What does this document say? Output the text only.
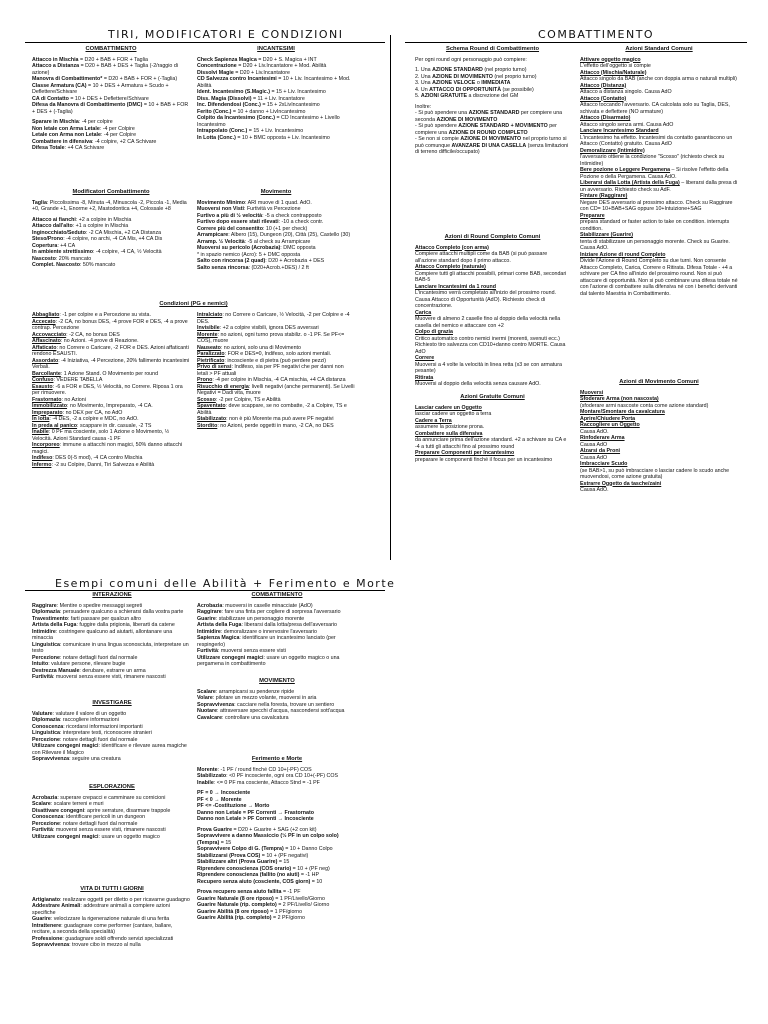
TIRI, MODIFICATORI E CONDIZIONI	COMBATTIMENTO
COMBATTIMENTO

Attacco in Mischia = D20 + BAB + FOR + Taglia

Attacco a Distanza = D20 + BAB + DES + Taglia (-2/raggio di azione)

Manovra di Combattimento* = D20 + BAB + FOR + (-Taglia)

Classe Armatura (CA) = 10 + DES + Armatura + Scudo + Deflettere/Schivare

CA di Contatto = 10 + DES + Deflettere/Schivare

Difesa da Manovra di Combattimento (DMC) = 10 + BAB + FOR + DES + (-Taglia)

Sparare in Mischia: -4 per colpire

Non letale con Arma Letale: -4 per Colpire

Letale con Arma non Letale: -4 per Colpire

Combattere in difensiva: -4 colpire, +2 CA Schivare

Difesa Totale: +4 CA Schivare

INCANTESIMI

Check Sapienza Magica = D20 + S. Magica + INT

Concentrazione = D20 + Liv.Incantatore + Mod. Abilità

Dissolvi Magie = D20 + Liv.Incantatore

CD Salvezza contro Incantesimi = 10 + Liv. Incantesimo + Mod. Abilità

Ident. Incantesimo (S.Magic.) = 15 + Liv. Incantesimo

Diss. Magia (Dissolvi) = 11 + Liv. Incantatore

Inc. Difendendosi (Conc.) = 15 + 2xLivIncantesimo

Ferito (Conc.) = 10 + danno + LivIncantesimo

Colpito da Incantesimo (Conc.) = CD Incantesimo + Livello Incantesimo

Intrappolato (Conc.) = 15 + Liv. Incantesimo

In Lotta (Conc.) = 10 + BMC opposta + Liv. Incantesimo

Modificatori Combattimento

Taglia: Piccolissima -8, Minuta -4, Minuscola -2, Piccola -1, Media +0, Grande +1, Enorme +2, Mastodontica +4, Colossale +8

Attacco ai fianchi: +2 a colpire in Mischia

Attacco dall'alto: +1 a colpire in Mischia

Inginocchiato/Seduto: -2 CA Mischia, +2 CA Distanza

Steso/Prono: -4 colpire, no archi, -4 CA Mis, +4 CA Dis

Copertura: +4 CA

In ambiente strettissimo: -4 colpire, -4 CA, ½ Velocità

Nascosto: 20% mancato

Complet. Nascosto: 50% mancato

Movimento

Movimento Minimo: ARI muove di 1 quad. AdO.

Muoversi non Visti: Furtività vs Percezione

Furtivo a più di ½ velocità: -5 a check contrapposto

Furtivo dopo essere stati rilevati: -10 a check contr.

Correre più del consentito: 10 (+1 per check)

Arrampicare: Albero (15), Dungeon (20), Città (25), Castello (30)

Arramp. ½ Velocità: -5 al check su Arrampicare

Muoversi su pericolo (Acrobazia): DMC opposta

* in spazio nemico (Acro): 5 + DMC opposta

Salto con rincorsa (2 quad): D20 + Acrobazia + DES

Salto senza rincorsa: (D20+Acrob.+DES) / 2 ft

Condizioni (PG e nemici)

Abbagliato: -1 per colpire e a Percezione su vista.

Accecato: -2 CA, no bonus DES, -4 prove FOR e DES, -4 a prove contrap. Percezione

Accovacciato: -2 CA, no bonus DES

Affascinato: no Azioni. -4 prove di Reazione.

Affaticato: no Correre o Caricare, -2 FOR e DES. Azioni affaticanti rendono ESAUSTI.

Assordato: -4 Iniziativa, -4 Percezione, 20% fallimento incantesimi Verbali.

Barcollante: 1 Azione Stand. O Movimento per round

Confuso: VEDERE TABELLA

Esausto: -6 a FOR e DES, ½ Velocità, no Correre. Riposa 1 ora per rimuovere.

Frastornato: no Azioni

Immobilizzato: no Movimento, Impreparato, -4 CA.

Impreparato: no DEX per CA, no AdO

In lotta: -4 DES, -2 a colpire e MDC, no AdO.

In preda al panico: scappare in dir. casuale, -2 TS

Inabile: 0 PF ma cosciente, solo 1 Azione o Movimento, ½ Velocità. Azioni Standard causa -1 PF

Incorporeo: immune a attacchi non magici, 50% danno attacchi magici.

Indifeso: DES 0(-5 mod), -4 CA contro Mischia

Infermo: -2 su Colpire, Danni, Tiri Salvezza e Abilità

Intralciato: no Correre o Caricare, ½ Velocità, -2 per Colpire e -4 DES.

Invisibile: +2 a colpire visibili, ignora DES avversari

Morente: no azioni, ogni turno prova stabiliz. o -1 PF. Se PF<= COS), muore

Nauseato: no azioni, solo una di Movimento

Paralizzato: FOR e DES=0, Indifeso, solo azioni mentali.

Pietrificato: incosciente e di pietra (può perdere pezzi)

Privo di sensi: Indifeso, sia per PF negativi che per danni non letali > PF attuali

Prono: -4 per colpire in Mischia, -4 CA mischia, +4 CA distanza

Risucchio di energia: livelli negativi (anche permanenti). Se Livelli Negativi = Dadi vita, muore

Scosso: -2 per Colpire, TS e Abilità

Spaventato: deve scappare, se no combatte, -2 a Colpire, TS e Abilità

Stabilizzato: non è più Morente ma può avere PF negativi

Stordito: no Azioni, perde oggetti in mano, -2 CA, no DES

Schema Round di Combattimento

Per ogni round ogni personaggio può compiere:

1. Una AZIONE STANDARD (nel proprio turno)

2. Una AZIONE DI MOVIMENTO (nel proprio turno)

3. Una AZIONE VELOCE o IMMEDIATA

4. Un ATTACCO DI OPPORTUNITÀ (se possibile)

5. AZIONI GRATUITE a discrezione del GM

Inoltre:

- Si può spendere una AZIONE STANDARD per compiere una seconda AZIONE DI MOVIMENTO

- Si può spendere AZIONE STANDARD + MOVIMENTO per compiere una AZIONE DI ROUND COMPLETO

- Se non si compie AZIONE DI MOVIMENTO nel proprio turno si può comunque AVANZARE DI UNA CASELLA (senza limitazioni di terreno difficile/occupato)

Azioni di Round Completo Comuni

Attacco Completo (con arma)

Compiere attacchi multipli come da BAB (si può passare all'azione standard dopo il primo attacco.

Attacco Completo (naturale)

Compiere tutti gli attacchi possibili, primari come BAB, secondari BAB-5

Lanciare Incantesimi da 1 round

L'incantesimo verrà completato all'inizio del prossimo round. Causa Attacco di Opportunità (AdO). Richiesto check di concentrazione.

Carica

Muovere di almeno 2 caselle fino al doppio della velocità nella casella del nemico e attaccare con +2

Colpo di grazia

Critico automatico contro nemici inermi (morenti, svenuti ecc.) Richiesto tiro salvezza con CD10+danno contro MORTE. Causa AdO

Correre

Muoversi a 4 volte la velocità in linea retta (x3 se con armatura pesante)

Ritirata

Muoversi al doppio della velocità senza causare AdO.

Azioni Gratuite Comuni

Lasciar cadere un Oggetto

lasciar cadere un oggetto a terra

Cadere a Terra

assumere la posizione prona.

Combattere sulla difensiva

da annunciare prima dell'azione standard. +2 a schivare su CA e -4 a tutti gli attacchi fino al prossimo round

Preparare Componenti per Incantesimo

preparare le componenti finché il focus per un incantesimo

Azioni Standard Comuni

Attivare oggetto magico

L'effetto dell'oggetto si compie

Attacco (Mischia/Naturale)

Attacco singolo da BAB (anche con doppia arma o naturali multipli)

Attacco (Distanza)

Attacco a distanza singolo. Causa AdO

Attacco (Contatto)

Attacco toccando l'avversario. CA calcolata solo su Taglia, DES, schivata e deflettere (NO armature)

Attacco (Disarmato)

Attacco singolo senza armi. Causa AdO

Lanciare Incantesimo Standard

L'incantesimo ha effetto. Incantesimi da contatto garantiscono un Attacco (Contatto) gratuito. Causa AdO

Demoralizzare (Intimidire)

l'avversario ottiene la condizione "Scosso" (richiesto check su Intimidire)

Bere pozione o Leggere Pergamena – Si risolve l'effetto della Pozione o della Pergamena. Causa AdO.

Liberarsi dalla Lotta (Artista della Fuga) – liberarsi dalla presa di un avversario. Richiesto check su AdF.

Fintare (Raggirare)

Negare DES avversario al prossimo attacco. Check su Raggirare con CD= 10+BAB+SAG oppure 10+Intuizione+SAG

Preparare

prepara standard or faster action to take on condition. interrupts condition.

Stabilizzare (Guarire)

tenta di stabilizzare un personaggio morente. Check su Guarire. Causa AdO.

Iniziare Azione di round Completo

Divide l'Azione di Round Completo su due turni. Non consente Attacco Completo, Carica, Correre o Ritirata. Difesa Totale - +4 a schivare per CA fino all'inizio del prossimo round. Non si può attaccare di opportunità. Non si può combinare una difesa totale né con l'azione di combattere sulla difensiva né con i benefici derivanti dal talento Maestria in Combattimento.

Azioni di Movimento Comuni

Muoversi

Sfoderare Arma (non nascosta)

(sfoderare armi nascoste conta come azione standard)

Montare/Smontare da cavalcatura

Aprire/Chiudere Porta

Raccogliere un Oggetto

Causa AdO.

Rinfoderare Arma

Causa AdO

Alzarsi da Proni

Causa AdO

Imbracciare Scudo

(se BAB>1, su può imbracciare o lasciar cadere lo scudo anche muovendosi, come azione gratuita)

Estrarre Oggetto da tasche/zaini

Causa AdO.

Esempi comuni delle Abilità + Ferimento e Morte
INTERAZIONE

Raggirare: Mentire o spedire messaggi segreti

Diplomazia: persuadere qualcuno a schierarsi dalla vostra parte

Travestimento: farti passare per qualcun altro

Artista della Fuga: fuggire dalla prigionia, liberarti da catene

Intimidire: costringere qualcuno ad aiutarti, allontanare una minaccia

Linguistica: comunicare in una lingua sconosciuta, interpretare un testo

Percezione: notare dettagli fuori dal normale

Intuito: valutare persone, rilevare bugie

Destrezza Manuale: derubare, estrarre un arma

Furtività: muoversi senza essere visti, rimanere nascosti

INVESTIGARE

Valutare: valutare il valore di un oggetto

Diplomazia: raccogliere informazioni

Conoscenza: ricordarsi informazioni importanti

Linguistica: interpretare testi, riconoscere stranieri

Percezione: notare dettagli fuori dal normale

Utilizzare congegni magici: identificare e rilevare aurea magiche con Rilevare il Magico

Sopravvivenza: seguire una creatura

ESPLORAZIONE

Acrobazia: superare crepacci e camminare su cornicioni

Scalare: scalare terreni e muri

Disattivare congegni: aprire serrature, disarmare trappole

Conoscenza: identificare pericoli in un dungeon

Percezione: notare dettagli fuori dal normale

Furtività: muoversi senza essere visti, rimanere nascosti

Utilizzare congegni magici: usare un oggetto magico

VITA DI TUTTI I GIORNI

Artigianato: realizzare oggetti per diletto o per ricavarne guadagno

Addestrare Animali: addestrare animali a compiere azioni specifiche

Guarire: velocizzare la rigenerazione naturale di una ferita

Intrattenere: guadagnare come performer (cantare, ballare, recitare, a seconda della specialità)

Professione: guadagnare soldi offrendo servizi specializzati

Sopravvivenza: trovare cibo in mezzo al nulla

COMBATTIMENTO

Acrobazia: muoversi in caselle minacciate (AdO)

Raggirare: fare una finta per cogliere di sorpresa l'avversario

Guarire: stabilizzare un personaggio morente

Artista della Fuga: liberarsi dalla lotta/presa dell'avversario

Intimidire: demoralizzare o innervosire l'avversario

Sapienza Magica: identificare un incantesimo lanciato (per respingerlo)

Furtività: muoversi senza essere visti

Utilizzare congegni magici: usare un oggetto magico o una pergamena in combattimento

MOVIMENTO

Scalare: arrampicarsi su pendenze ripide

Volare: pilotare un mezzo volante, muoversi in aria

Sopravvivenza: cacciare nella foresta, trovare un sentiero

Nuotare: attraversare specchi d'acqua, nascondersi sott'acqua

Cavalcare: controllare una cavalcatura

Ferimento e Morte

Morente: -1 PF / round finché CD 10+(-PF) COS

Stabilizzato: <0 PF incosciente, ogni ora CD 10+(-PF) COS

Inabile: <= 0 PF ma cosciente, Attacco Stnd = -1 PF

PF = 0 → Incosciente

PF < 0 → Morente

PF <= -Costituzione → Morto

Danno non Letale = PF Correnti → Frastornato

Danno non Letale > PF Correnti → Incosciente

Prova Guarire = D20 + Guarire + SAG (+2 con kit)

Sopravvivere a danno Massiccio (½ PF in un colpo solo) (Tempra) = 15

Sopravvivere Colpo di G. (Tempra) = 10 + Danno Colpo

Stabilizzarsi (Prova COS) = 10 + (PF negativi)

Stabilizzare altri (Prova Guarire) = 15

Riprendere conoscienza (COS orario) = 10 + (PF neg)

Riprendere conoscienza (fallito (no aiuti) = -1 HP

Recupero senza aiuto (cosciente, COS giorn) = 10

Prova recupero senza aiuto fallita = -1 PF

Guarire Naturale (8 ore riposo) = 1 PF/Livello/Giorno

Guarire Naturale (rip. completo) = 2 PF/Livello/ Giorno

Guarire Abilità (8 ore riposo) = 1 PF/giorno

Guarire Abilità (rip. completo) = 2 PF/giorno
